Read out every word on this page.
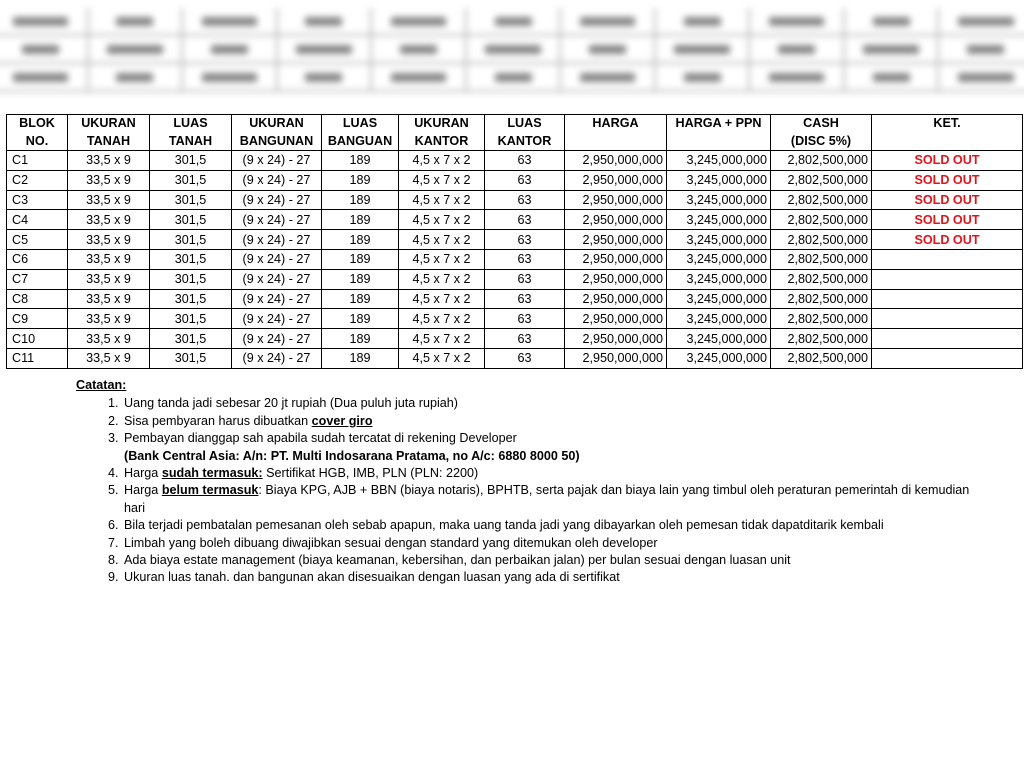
BLOK	UKURAN	LUAS	UKURAN	LUAS	UKURAN	LUAS	HARGA	HARGA + PPN	CASH	KET.
NO.	TANAH	TANAH	BANGUNAN	BANGUAN	KANTOR	KANTOR			(DISC 5%)	
C1	33,5 x 9	301,5	(9 x 24) - 27	189	4,5 x 7 x 2	63	2,950,000,000	3,245,000,000	2,802,500,000	SOLD OUT
C2	33,5 x 9	301,5	(9 x 24) - 27	189	4,5 x 7 x 2	63	2,950,000,000	3,245,000,000	2,802,500,000	SOLD OUT
C3	33,5 x 9	301,5	(9 x 24) - 27	189	4,5 x 7 x 2	63	2,950,000,000	3,245,000,000	2,802,500,000	SOLD OUT
C4	33,5 x 9	301,5	(9 x 24) - 27	189	4,5 x 7 x 2	63	2,950,000,000	3,245,000,000	2,802,500,000	SOLD OUT
C5	33,5 x 9	301,5	(9 x 24) - 27	189	4,5 x 7 x 2	63	2,950,000,000	3,245,000,000	2,802,500,000	SOLD OUT
C6	33,5 x 9	301,5	(9 x 24) - 27	189	4,5 x 7 x 2	63	2,950,000,000	3,245,000,000	2,802,500,000	
C7	33,5 x 9	301,5	(9 x 24) - 27	189	4,5 x 7 x 2	63	2,950,000,000	3,245,000,000	2,802,500,000	
C8	33,5 x 9	301,5	(9 x 24) - 27	189	4,5 x 7 x 2	63	2,950,000,000	3,245,000,000	2,802,500,000	
C9	33,5 x 9	301,5	(9 x 24) - 27	189	4,5 x 7 x 2	63	2,950,000,000	3,245,000,000	2,802,500,000	
C10	33,5 x 9	301,5	(9 x 24) - 27	189	4,5 x 7 x 2	63	2,950,000,000	3,245,000,000	2,802,500,000	
C11	33,5 x 9	301,5	(9 x 24) - 27	189	4,5 x 7 x 2	63	2,950,000,000	3,245,000,000	2,802,500,000	
Catatan:
1. Uang tanda jadi sebesar 20 jt rupiah (Dua puluh juta rupiah)
2. Sisa pembyaran harus dibuatkan cover giro
3. Pembayan dianggap sah apabila sudah tercatat di rekening Developer
(Bank Central Asia: A/n: PT. Multi Indosarana Pratama, no A/c: 6880 8000 50)
4. Harga sudah termasuk: Sertifikat HGB, IMB, PLN (PLN: 2200)
5. Harga belum termasuk: Biaya KPG, AJB + BBN (biaya notaris), BPHTB, serta pajak dan biaya lain yang timbul oleh peraturan pemerintah di kemudian hari
6. Bila terjadi pembatalan pemesanan oleh sebab apapun, maka uang tanda jadi yang dibayarkan oleh pemesan tidak dapatditarik kembali
7. Limbah yang boleh dibuang diwajibkan sesuai dengan standard yang ditemukan oleh developer
8. Ada biaya estate management (biaya keamanan, kebersihan, dan perbaikan jalan) per bulan sesuai dengan luasan unit
9. Ukuran luas tanah. dan bangunan akan disesuaikan dengan luasan yang ada di sertifikat
